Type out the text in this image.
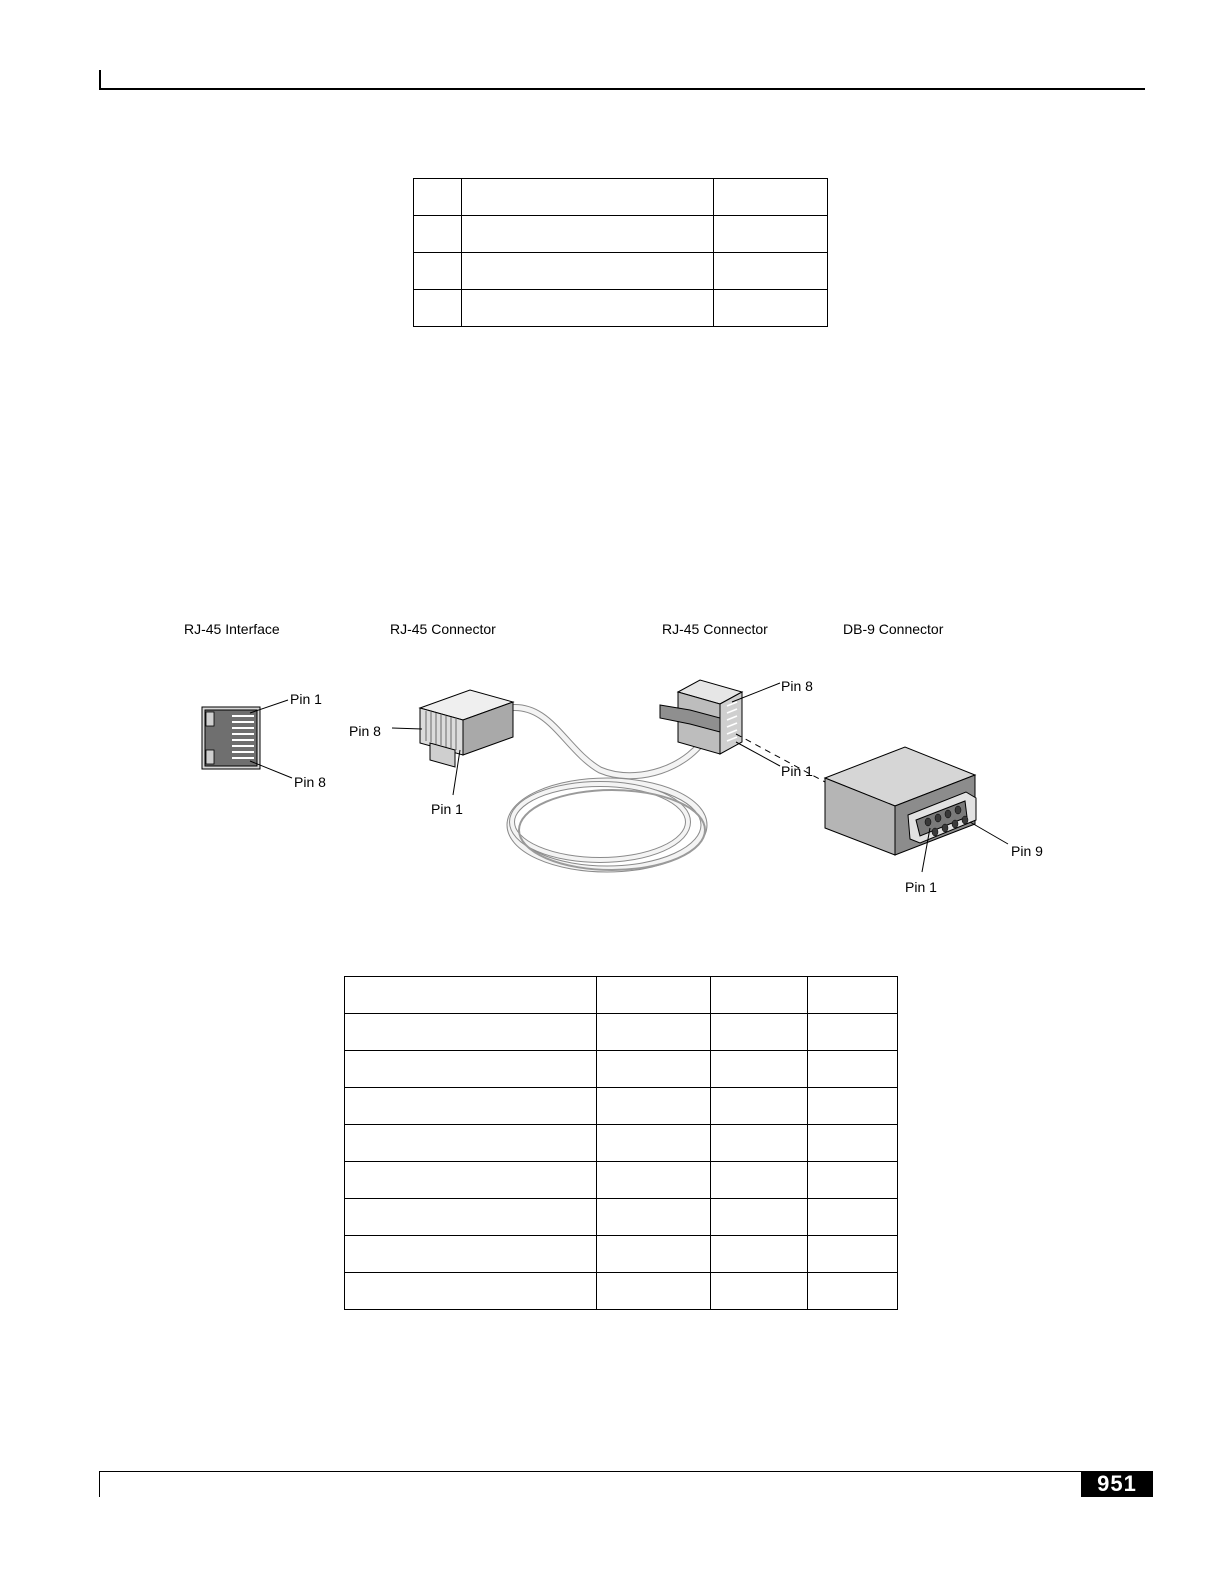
RJ-45 Interface	RJ-45 Connector	RJ-45 Connector	DB-9 Connector
Pin 1
Pin 8
Pin 8
Pin 1
Pin 8
Pin 1
Pin 9
Pin 1

951
